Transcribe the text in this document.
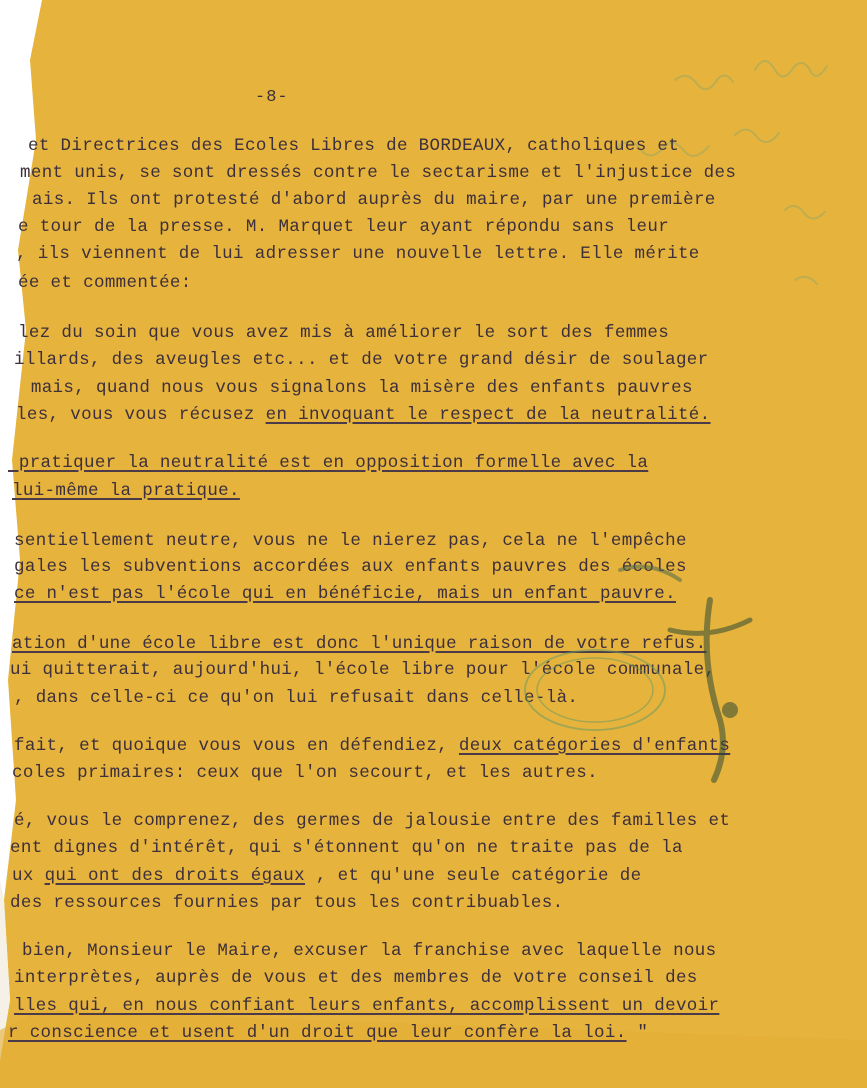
-8-
et Directrices des Ecoles Libres de BORDEAUX, catholiques et
ment unis, se sont dressés contre le sectarisme et l'injustice des
ais. Ils ont protesté d'abord auprès du maire, par une première
e tour de la presse. M. Marquet leur ayant répondu sans leur
, ils viennent de lui adresser une nouvelle lettre. Elle mérite
ée et commentée:
lez du soin que vous avez mis à améliorer le sort des femmes
illards, des aveugles etc... et de votre grand désir de soulager
mais, quand nous vous signalons la misère des enfants pauvres
les, vous vous récusez en invoquant le respect de la neutralité.
pratiquer la neutralité est en opposition formelle avec la
lui-même la pratique.
sentiellement neutre, vous ne le nierez pas, cela ne l'empêche
gales les subventions accordées aux enfants pauvres des écoles
ce n'est pas l'école qui en bénéficie, mais un enfant pauvre.
ation d'une école libre est donc l'unique raison de votre refus.
ui quitterait, aujourd'hui, l'école libre pour l'école communale,
, dans celle-ci ce qu'on lui refusait dans celle-là.
fait, et quoique vous vous en défendiez, deux catégories d'enfants
coles primaires: ceux que l'on secourt, et les autres.
é, vous le comprenez, des germes de jalousie entre des familles et
ent dignes d'intérêt, qui s'étonnent qu'on ne traite pas de la
ux qui ont des droits égaux , et qu'une seule catégorie de
des ressources fournies par tous les contribuables.
bien, Monsieur le Maire, excuser la franchise avec laquelle nous
interprètes, auprès de vous et des membres de votre conseil des
lles qui, en nous confiant leurs enfants, accomplissent un devoir
r conscience et usent d'un droit que leur confère la loi. "
